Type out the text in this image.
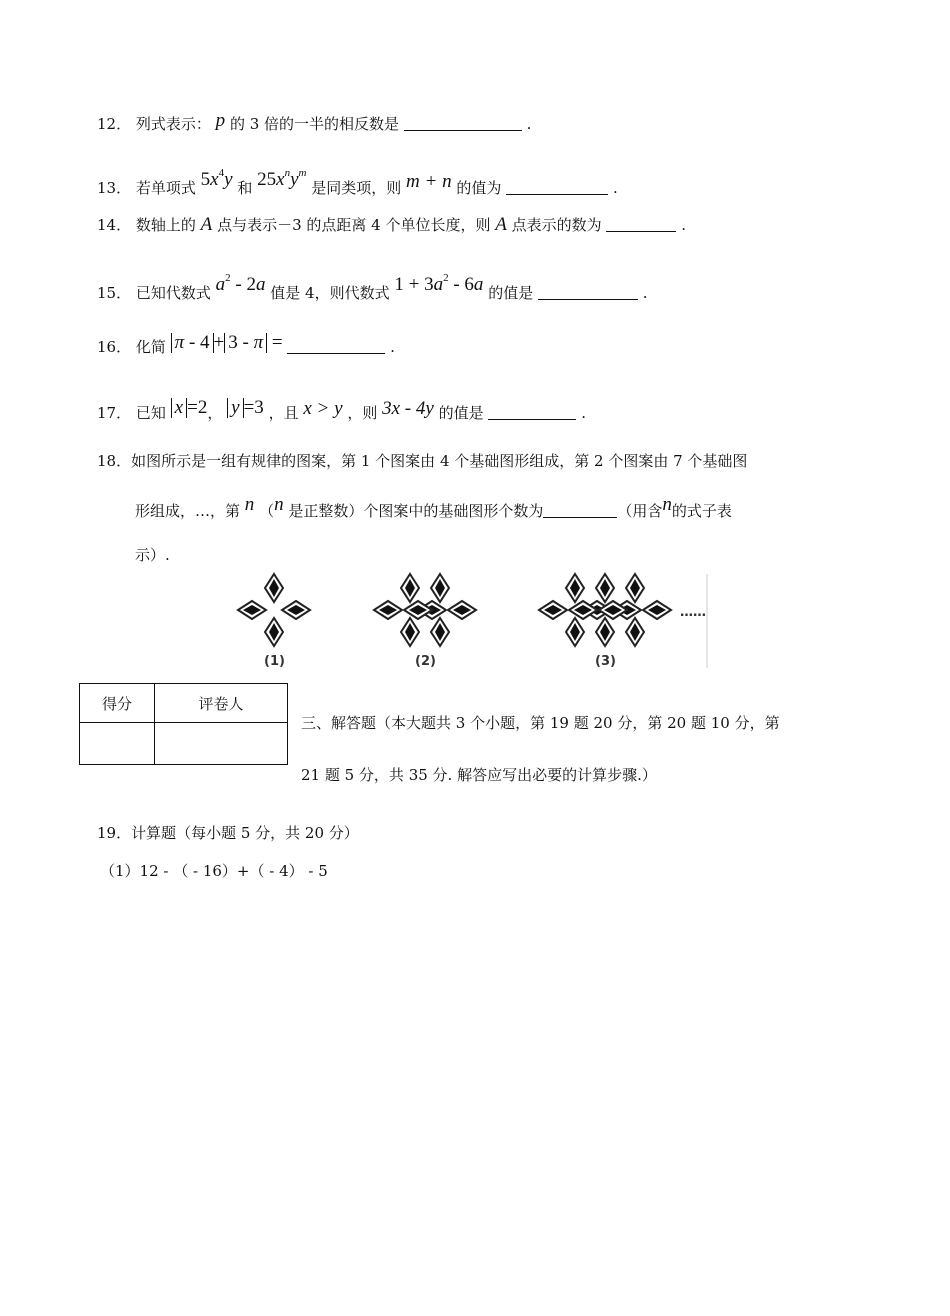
12． 列式表示： p 的 3 倍的一半的相反数是	.
13． 若单项式 $5x^4y$ 和 $25x^ny^m$ 是同类项，则 m + n 的值为	.
14． 数轴上的 A 点与表示－3 的点距离 4 个单位长度，则 A 点表示的数为	.
15． 已知代数式 $a^2 - 2a$ 值是 4，则代数式 $1 + 3a^2 - 6a$ 的值是	.
16． 化简 π - 4 + 3 - π =	.
17． 已知 x =2， y =3 ，且 x > y ，则 3x - 4y 的值是	.
18．如图所示是一组有规律的图案，第 1 个图案由 4 个基础图形组成，第 2 个图案由 7 个基础图
形组成，…，第 n （n 是正整数）个图案中的基础图形个数为	（用含n的式子表
示）.
……
(1)	(2)	(3)
得分	评卷人

三、解答题（本大题共 3 个小题，第 19 题 20 分，第 20 题 10 分，第
21 题 5 分，共 35 分. 解答应写出必要的计算步骤.）
19．计算题（每小题 5 分，共 20 分）
（1）12 - （ - 16）+（ - 4） - 5
